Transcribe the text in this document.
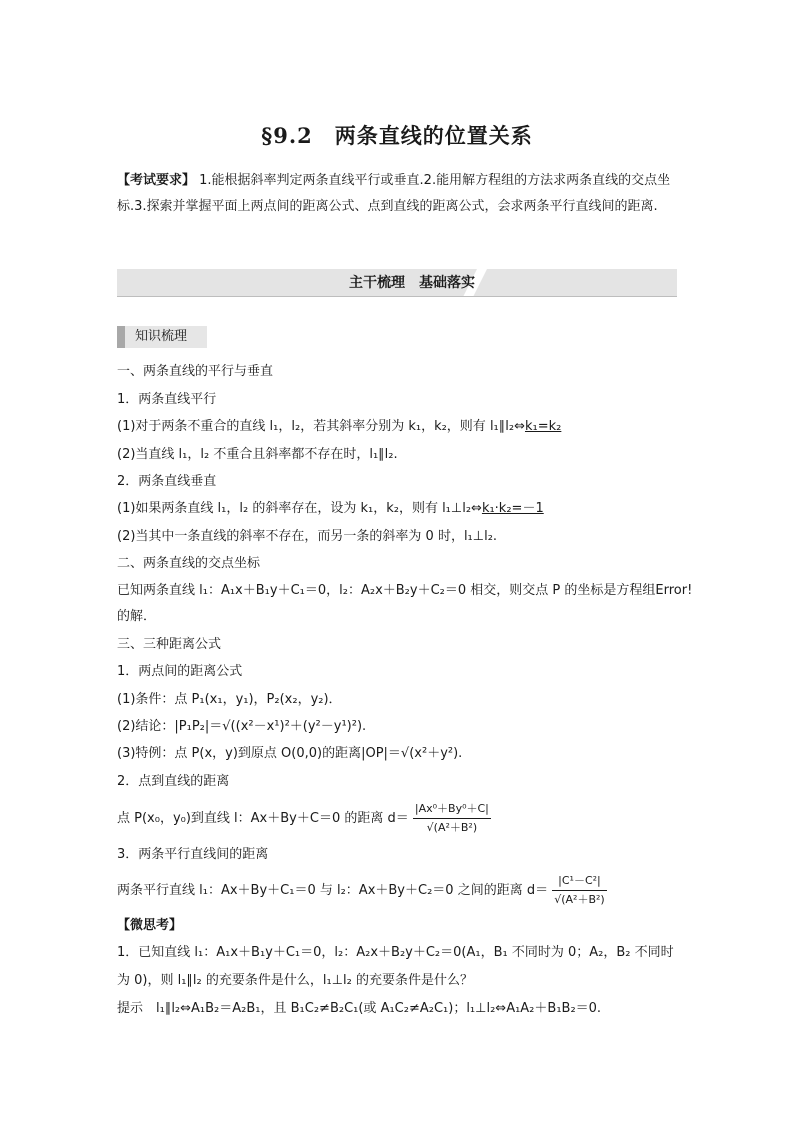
§9.2 两条直线的位置关系
【考试要求】 1.能根据斜率判定两条直线平行或垂直.2.能用解方程组的方法求两条直线的交点坐标.3.探索并掌握平面上两点间的距离公式、点到直线的距离公式，会求两条平行直线间的距离.
主干梳理　基础落实
知识梳理
一、两条直线的平行与垂直
1．两条直线平行
(1)对于两条不重合的直线 l₁，l₂，若其斜率分别为 k₁，k₂，则有 l₁∥l₂⇔k₁=k₂
(2)当直线 l₁，l₂ 不重合且斜率都不存在时，l₁∥l₂.
2．两条直线垂直
(1)如果两条直线 l₁，l₂ 的斜率存在，设为 k₁，k₂，则有 l₁⊥l₂⇔k₁·k₂=－1
(2)当其中一条直线的斜率不存在，而另一条的斜率为 0 时，l₁⊥l₂.
二、两条直线的交点坐标
已知两条直线 l₁：A₁x＋B₁y＋C₁＝0，l₂：A₂x＋B₂y＋C₂＝0 相交，则交点 P 的坐标是方程组Error!
的解．
三、三种距离公式
1．两点间的距离公式
(1)条件：点 P₁(x₁，y₁)，P₂(x₂，y₂)．
(2)结论：|P₁P₂|＝√((x²－x¹)²＋(y²－y¹)²).
(3)特例：点 P(x，y)到原点 O(0,0)的距离|OP|＝√(x²＋y²).
2．点到直线的距离
点 P(x₀，y₀)到直线 l：Ax＋By＋C＝0 的距离 $d= \frac{\text{|Ax⁰＋By⁰＋C|}}{\text{√(A²＋B²)}}$
3．两条平行直线间的距离
两条平行直线 l₁：Ax＋By＋C₁＝0 与 l₂：Ax＋By＋C₂＝0 之间的距离 $d= \frac{\text{|C¹－C²|}}{\text{√(A²＋B²)}}$
【微思考】
1．已知直线 l₁：A₁x＋B₁y＋C₁＝0，l₂：A₂x＋B₂y＋C₂＝0(A₁，B₁ 不同时为 0；A₂，B₂ 不同时
为 0)，则 l₁∥l₂ 的充要条件是什么，l₁⊥l₂ 的充要条件是什么？
提示　l₁∥l₂⇔A₁B₂＝A₂B₁，且 B₁C₂≠B₂C₁(或 A₁C₂≠A₂C₁)；l₁⊥l₂⇔A₁A₂＋B₁B₂＝0.
